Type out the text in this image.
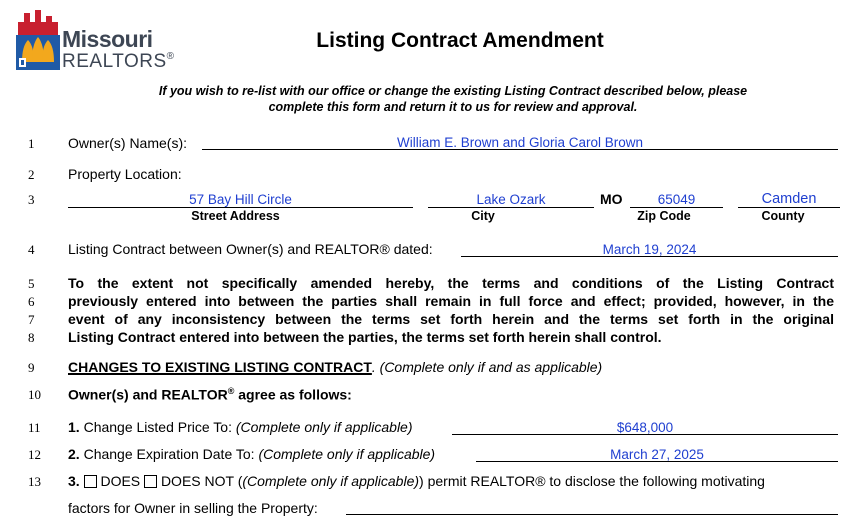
Missouri
REALTORS®
Listing Contract Amendment
If you wish to re-list with our office or change the existing Listing Contract described below, please
complete this form and return it to us for review and approval.
1
2
3
4
5
6
7
8
9
10
11
12
13
Owner(s) Name(s):	William E. Brown and Gloria Carol Brown
Property Location:
57 Bay Hill Circle
Street Address
Lake Ozark
City
MO	65049
Zip Code
Camden
County
Listing Contract between Owner(s) and REALTOR® dated:	March 19, 2024
To the extent not specifically amended hereby, the terms and conditions of the Listing Contract
previously entered into between the parties shall remain in full force and effect; provided, however, in the
event of any inconsistency between the terms set forth herein and the terms set forth in the original
Listing Contract entered into between the parties, the terms set forth herein shall control.
CHANGES TO EXISTING LISTING CONTRACT. (Complete only if and as applicable)
Owner(s) and REALTOR® agree as follows:
1. Change Listed Price To: (Complete only if applicable)	$648,000
2. Change Expiration Date To: (Complete only if applicable)	March 27, 2025
3. DOES DOES NOT ((Complete only if applicable)) permit REALTOR® to disclose the following motivating
factors for Owner in selling the Property:
